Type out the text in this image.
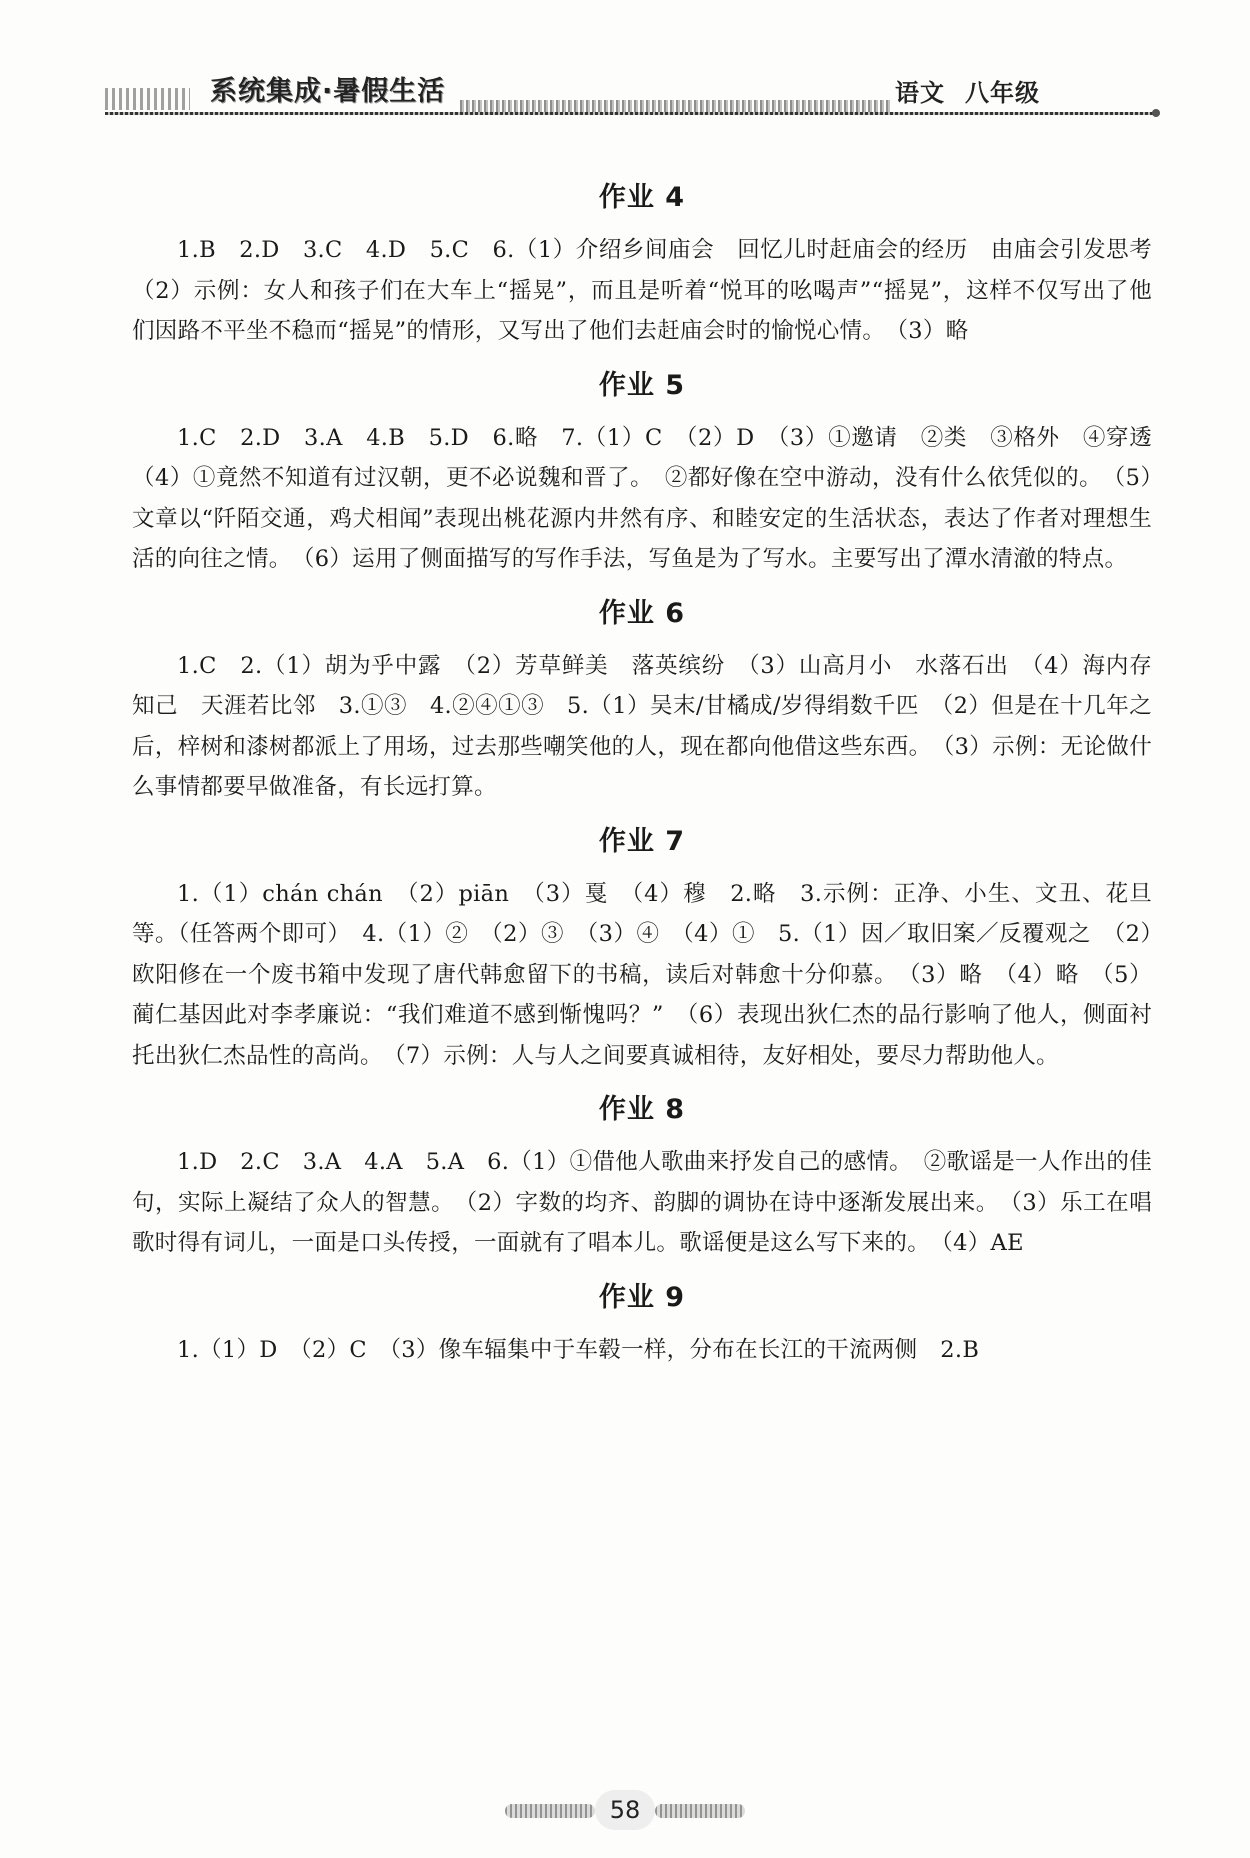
系统集成·暑假生活	语文 八年级
作业 4

1.B　2.D　3.C　4.D　5.C　6.（1）介绍乡间庙会　回忆儿时赶庙会的经历　由庙会引发思考　（2）示例：女人和孩子们在大车上“摇晃”，而且是听着“悦耳的吆喝声”“摇晃”，这样不仅写出了他们因路不平坐不稳而“摇晃”的情形，又写出了他们去赶庙会时的愉悦心情。　（3）略

作业 5

1.C　2.D　3.A　4.B　5.D　6.略　7.（1）C　（2）D　（3）①邀请　②类　③格外　④穿透　（4）①竟然不知道有过汉朝，更不必说魏和晋了。　②都好像在空中游动，没有什么依凭似的。　（5）文章以“阡陌交通，鸡犬相闻”表现出桃花源内井然有序、和睦安定的生活状态，表达了作者对理想生活的向往之情。　（6）运用了侧面描写的写作手法，写鱼是为了写水。主要写出了潭水清澈的特点。

作业 6

1.C　2.（1）胡为乎中露　（2）芳草鲜美　落英缤纷　（3）山高月小　水落石出　（4）海内存知己　天涯若比邻　3.①③　4.②④①③　5.（1）吴末/甘橘成/岁得绢数千匹　（2）但是在十几年之后，梓树和漆树都派上了用场，过去那些嘲笑他的人，现在都向他借这些东西。　（3）示例：无论做什么事情都要早做准备，有长远打算。

作业 7

1.（1）chán chán　（2）piān　（3）戛　（4）穆　2.略　3.示例：正净、小生、文丑、花旦等。（任答两个即可）　4.（1）②　（2）③　（3）④　（4）①　5.（1）因／取旧案／反覆观之　（2）欧阳修在一个废书箱中发现了唐代韩愈留下的书稿，读后对韩愈十分仰慕。　（3）略　（4）略　（5）蔺仁基因此对李孝廉说：“我们难道不感到惭愧吗？”　（6）表现出狄仁杰的品行影响了他人，侧面衬托出狄仁杰品性的高尚。　（7）示例：人与人之间要真诚相待，友好相处，要尽力帮助他人。

作业 8

1.D　2.C　3.A　4.A　5.A　6.（1）①借他人歌曲来抒发自己的感情。　②歌谣是一人作出的佳句，实际上凝结了众人的智慧。　（2）字数的均齐、韵脚的调协在诗中逐渐发展出来。　（3）乐工在唱歌时得有词儿，一面是口头传授，一面就有了唱本儿。歌谣便是这么写下来的。　（4）AE

作业 9

1.（1）D　（2）C　（3）像车辐集中于车毂一样，分布在长江的干流两侧　2.B

58
